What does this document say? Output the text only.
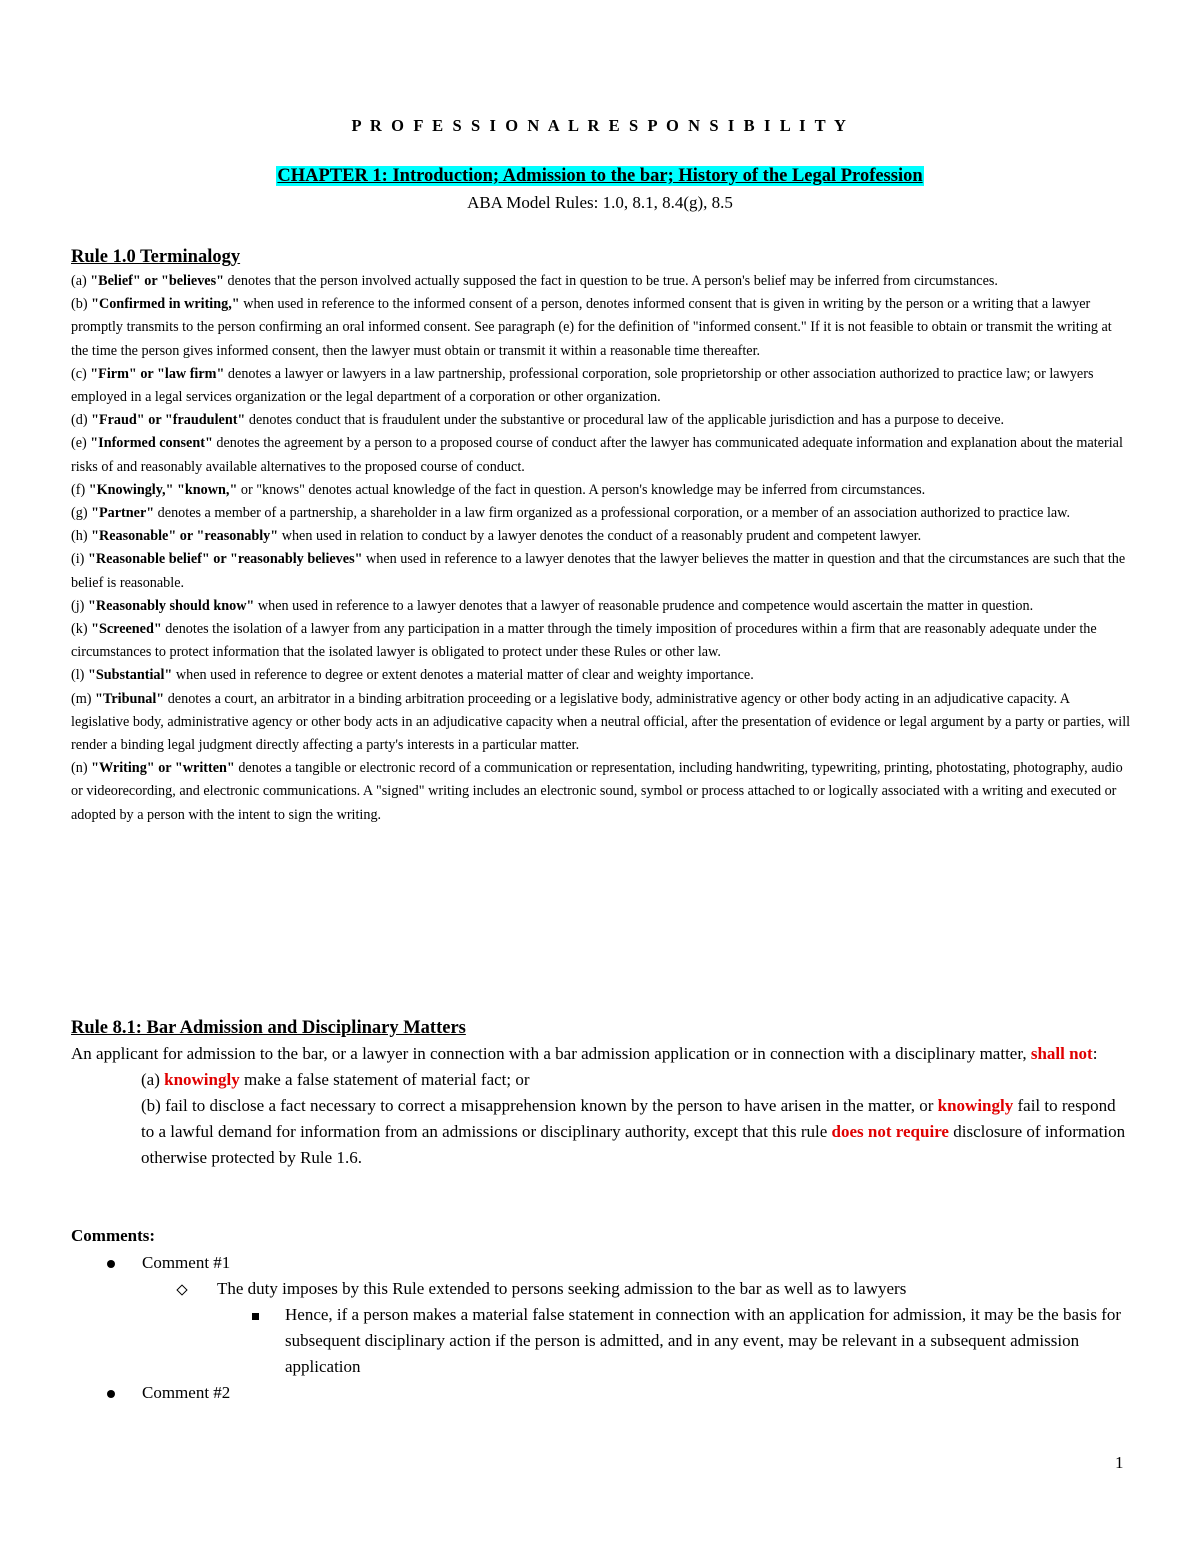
P R O F E S S I O N A L R E S P O N S I B I L I T Y
CHAPTER 1: Introduction; Admission to the bar; History of the Legal Profession
ABA Model Rules: 1.0, 8.1, 8.4(g), 8.5
Rule 1.0 Terminalogy

(a) "Belief" or "believes" denotes that the person involved actually supposed the fact in question to be true. A person's belief may be inferred from circumstances.

(b) "Confirmed in writing," when used in reference to the informed consent of a person, denotes informed consent that is given in writing by the person or a writing that a lawyer promptly transmits to the person confirming an oral informed consent. See paragraph (e) for the definition of "informed consent." If it is not feasible to obtain or transmit the writing at the time the person gives informed consent, then the lawyer must obtain or transmit it within a reasonable time thereafter.

(c) "Firm" or "law firm" denotes a lawyer or lawyers in a law partnership, professional corporation, sole proprietorship or other association authorized to practice law; or lawyers employed in a legal services organization or the legal department of a corporation or other organization.

(d) "Fraud" or "fraudulent" denotes conduct that is fraudulent under the substantive or procedural law of the applicable jurisdiction and has a purpose to deceive.

(e) "Informed consent" denotes the agreement by a person to a proposed course of conduct after the lawyer has communicated adequate information and explanation about the material risks of and reasonably available alternatives to the proposed course of conduct.

(f) "Knowingly," "known," or "knows" denotes actual knowledge of the fact in question. A person's knowledge may be inferred from circumstances.

(g) "Partner" denotes a member of a partnership, a shareholder in a law firm organized as a professional corporation, or a member of an association authorized to practice law.

(h) "Reasonable" or "reasonably" when used in relation to conduct by a lawyer denotes the conduct of a reasonably prudent and competent lawyer.

(i) "Reasonable belief" or "reasonably believes" when used in reference to a lawyer denotes that the lawyer believes the matter in question and that the circumstances are such that the belief is reasonable.

(j) "Reasonably should know" when used in reference to a lawyer denotes that a lawyer of reasonable prudence and competence would ascertain the matter in question.

(k) "Screened" denotes the isolation of a lawyer from any participation in a matter through the timely imposition of procedures within a firm that are reasonably adequate under the circumstances to protect information that the isolated lawyer is obligated to protect under these Rules or other law.

(l) "Substantial" when used in reference to degree or extent denotes a material matter of clear and weighty importance.

(m) "Tribunal" denotes a court, an arbitrator in a binding arbitration proceeding or a legislative body, administrative agency or other body acting in an adjudicative capacity. A legislative body, administrative agency or other body acts in an adjudicative capacity when a neutral official, after the presentation of evidence or legal argument by a party or parties, will render a binding legal judgment directly affecting a party's interests in a particular matter.

(n) "Writing" or "written" denotes a tangible or electronic record of a communication or representation, including handwriting, typewriting, printing, photostating, photography, audio or videorecording, and electronic communications. A "signed" writing includes an electronic sound, symbol or process attached to or logically associated with a writing and executed or adopted by a person with the intent to sign the writing.

Rule 8.1: Bar Admission and Disciplinary Matters

An applicant for admission to the bar, or a lawyer in connection with a bar admission application or in connection with a disciplinary matter, shall not:

(a) knowingly make a false statement of material fact; or

(b) fail to disclose a fact necessary to correct a misapprehension known by the person to have arisen in the matter, or knowingly fail to respond to a lawful demand for information from an admissions or disciplinary authority, except that this rule does not require disclosure of information otherwise protected by Rule 1.6.

Comments:
Comment #1
The duty imposes by this Rule extended to persons seeking admission to the bar as well as to lawyers
Hence, if a person makes a material false statement in connection with an application for admission, it may be the basis for subsequent disciplinary action if the person is admitted, and in any event, may be relevant in a subsequent admission application
Comment #2
1
